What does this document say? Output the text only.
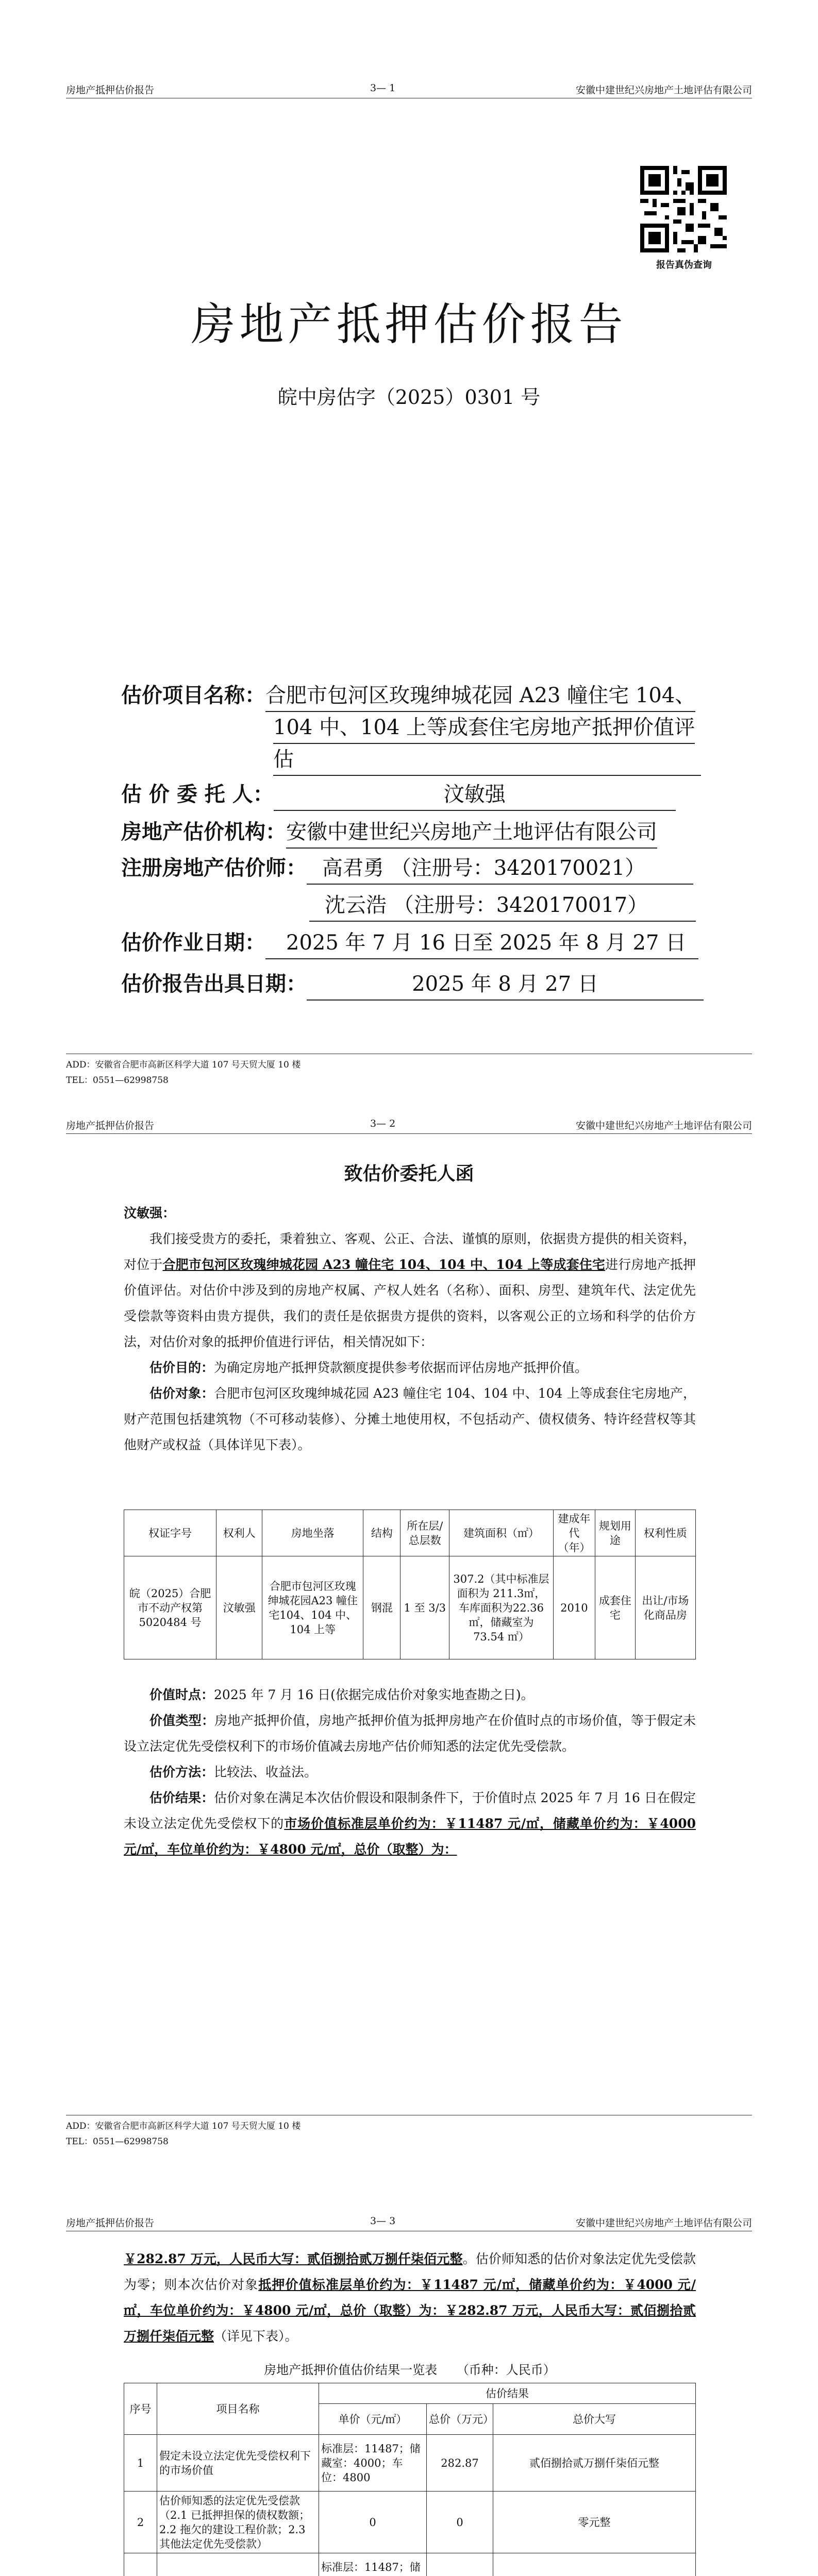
房地产抵押估价报告	3— 1	安徽中建世纪兴房地产土地评估有限公司
报告真伪查询
房地产抵押估价报告
皖中房估字（2025）0301 号
估价项目名称：合肥市包河区玫瑰绅城花园 A23 幢住宅 104、
104 中、104 上等成套住宅房地产抵押价值评
估
估 价 委 托 人：	汶敏强
房地产估价机构：安徽中建世纪兴房地产土地评估有限公司
注册房地产估价师： 高君勇 （注册号：3420170021）
沈云浩 （注册号：3420170017）
估价作业日期： 2025 年 7 月 16 日至 2025 年 8 月 27 日
估价报告出具日期：	2025 年 8 月 27 日
ADD：安徽省合肥市高新区科学大道 107 号天贸大厦 10 楼
TEL：0551—62998758
房地产抵押估价报告	3— 2	安徽中建世纪兴房地产土地评估有限公司
致估价委托人函
汶敏强：
我们接受贵方的委托，秉着独立、客观、公正、合法、谨慎的原则，依据贵方提供的相关资料，对位于合肥市包河区玫瑰绅城花园 A23 幢住宅 104、104 中、104 上等成套住宅进行房地产抵押价值评估。对估价中涉及到的房地产权属、产权人姓名（名称）、面积、房型、建筑年代、法定优先受偿款等资料由贵方提供，我们的责任是依据贵方提供的资料，以客观公正的立场和科学的估价方法，对估价对象的抵押价值进行评估，相关情况如下：
估价目的：为确定房地产抵押贷款额度提供参考依据而评估房地产抵押价值。
估价对象：合肥市包河区玫瑰绅城花园 A23 幢住宅 104、104 中、104 上等成套住宅房地产，财产范围包括建筑物（不可移动装修）、分摊土地使用权，不包括动产、债权债务、特许经营权等其他财产或权益（具体详见下表）。
权证字号	权利人	房地坐落	结构	所在层/总层数	建筑面积（㎡）	建成年代（年）	规划用途	权利性质
皖（2025）合肥市不动产权第5020484 号	汶敏强	合肥市包河区玫瑰绅城花园A23 幢住宅104、104 中、104 上等	钢混	1 至 3/3	307.2（其中标准层面积为 211.3㎡，车库面积为22.36 ㎡，储藏室为 73.54 ㎡）	2010	成套住宅	出让/市场化商品房
价值时点：2025 年 7 月 16 日(依据完成估价对象实地查勘之日)。
价值类型：房地产抵押价值，房地产抵押价值为抵押房地产在价值时点的市场价值，等于假定未设立法定优先受偿权利下的市场价值减去房地产估价师知悉的法定优先受偿款。
估价方法：比较法、收益法。
估价结果：估价对象在满足本次估价假设和限制条件下，于价值时点 2025 年 7 月 16 日在假定未设立法定优先受偿权下的市场价值标准层单价约为：￥11487 元/㎡，储藏单价约为：￥4000 元/㎡，车位单价约为：￥4800 元/㎡，总价（取整）为：
ADD：安徽省合肥市高新区科学大道 107 号天贸大厦 10 楼
TEL：0551—62998758
房地产抵押估价报告	3— 3	安徽中建世纪兴房地产土地评估有限公司
￥282.87 万元，人民币大写：贰佰捌拾贰万捌仟柒佰元整。估价师知悉的估价对象法定优先受偿款为零；则本次估价对象抵押价值标准层单价约为：￥11487 元/㎡，储藏单价约为：￥4000 元/㎡，车位单价约为：￥4800 元/㎡，总价（取整）为：￥282.87 万元，人民币大写：贰佰捌拾贰万捌仟柒佰元整（详见下表）。
房地产抵押价值估价结果一览表 （币种：人民币）
序号	项目名称	估价结果		
		单价（元/㎡）	总价（万元）	总价大写
1	假定未设立法定优先受偿权利下的市场价值	标准层：11487；储藏室：4000；车位：4800	282.87	贰佰捌拾贰万捌仟柒佰元整
2	估价师知悉的法定优先受偿款（2.1 已抵押担保的债权数额；2.2 拖欠的建设工程价款；2.3 其他法定优先受偿款）	0	0	零元整
		标准层：11487；储		
